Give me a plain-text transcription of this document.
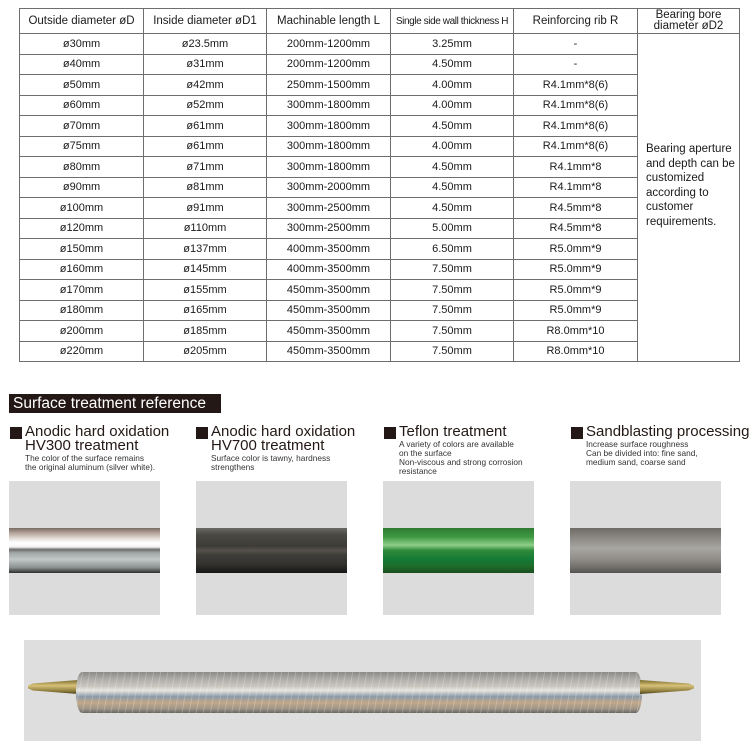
Outside diameter øD	Inside diameter øD1	Machinable length L	Single side wall thickness H	Reinforcing rib R	Bearing bore diameter øD2
ø30mm	ø23.5mm	200mm-1200mm	3.25mm	-	Bearing aperture and depth can be customized according to customer requirements.

ø40mm	ø31mm	200mm-1200mm	4.50mm	-	
ø50mm	ø42mm	250mm-1500mm	4.00mm	R4.1mm*8(6)	
ø60mm	ø52mm	300mm-1800mm	4.00mm	R4.1mm*8(6)	
ø70mm	ø61mm	300mm-1800mm	4.50mm	R4.1mm*8(6)	
ø75mm	ø61mm	300mm-1800mm	4.00mm	R4.1mm*8(6)	
ø80mm	ø71mm	300mm-1800mm	4.50mm	R4.1mm*8	
ø90mm	ø81mm	300mm-2000mm	4.50mm	R4.1mm*8	
ø100mm	ø91mm	300mm-2500mm	4.50mm	R4.5mm*8	
ø120mm	ø110mm	300mm-2500mm	5.00mm	R4.5mm*8	
ø150mm	ø137mm	400mm-3500mm	6.50mm	R5.0mm*9	
ø160mm	ø145mm	400mm-3500mm	7.50mm	R5.0mm*9	
ø170mm	ø155mm	450mm-3500mm	7.50mm	R5.0mm*9	
ø180mm	ø165mm	450mm-3500mm	7.50mm	R5.0mm*9	
ø200mm	ø185mm	450mm-3500mm	7.50mm	R8.0mm*10	
ø220mm	ø205mm	450mm-3500mm	7.50mm	R8.0mm*10	
Surface treatment reference
Anodic hard oxidation
HV300 treatment
The color of the surface remains
the original aluminum (silver white).
Anodic hard oxidation
HV700 treatment
Surface color is tawny, hardness
strengthens
Teflon treatment
A variety of colors are available
on the surface
Non-viscous and strong corrosion
resistance
Sandblasting processing
Increase surface roughness
Can be divided into: fine sand,
medium sand, coarse sand
